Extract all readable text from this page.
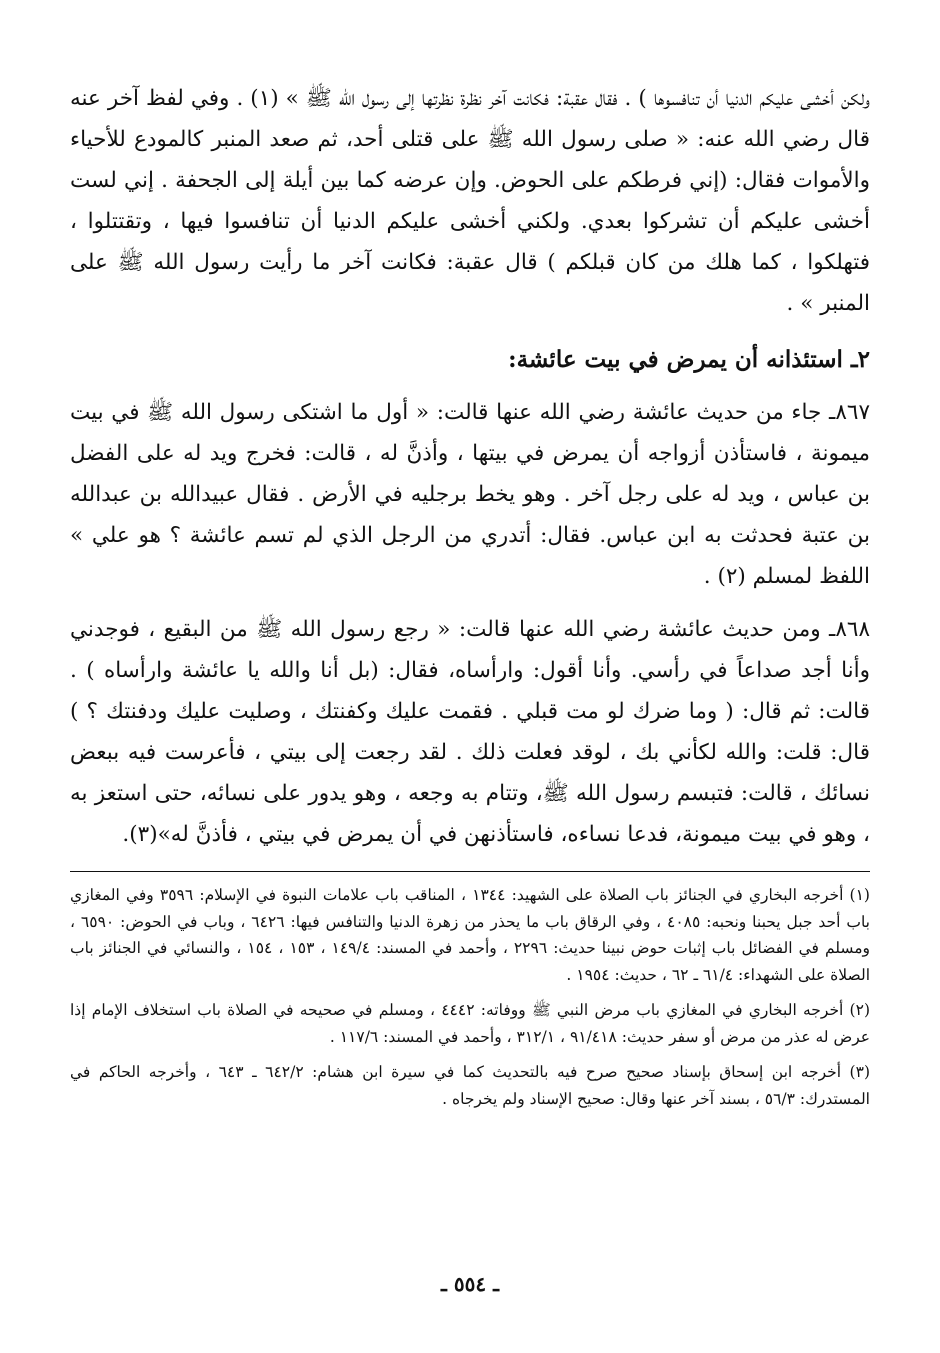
ولكن أخشى عليكم الدنيا أن تنافسوها ) . فقال عقبة: فكانت آخر نظرة نظرتها إلى رسول الله ﷺ » (١) . وفي لفظ آخر عنه قال رضي الله عنه: « صلى رسول الله ﷺ على قتلى أحد، ثم صعد المنبر كالمودع للأحياء والأموات فقال: (إني فرطكم على الحوض. وإن عرضه كما بين أيلة إلى الجحفة . إني لست أخشى عليكم أن تشركوا بعدي. ولكني أخشى عليكم الدنيا أن تنافسوا فيها ، وتقتتلوا ، فتهلكوا ، كما هلك من كان قبلكم ) قال عقبة: فكانت آخر ما رأيت رسول الله ﷺ على المنبر » .

٢ـ استئذانه أن يمرض في بيت عائشة:

٨٦٧ـ جاء من حديث عائشة رضي الله عنها قالت: « أول ما اشتكى رسول الله ﷺ في بيت ميمونة ، فاستأذن أزواجه أن يمرض في بيتها ، وأذنَّ له ، قالت: فخرج ويد له على الفضل بن عباس ، ويد له على رجل آخر . وهو يخط برجليه في الأرض . فقال عبيدالله بن عبدالله بن عتبة فحدثت به ابن عباس. فقال: أتدري من الرجل الذي لم تسم عائشة ؟ هو علي » اللفظ لمسلم (٢) .

٨٦٨ـ ومن حديث عائشة رضي الله عنها قالت: « رجع رسول الله ﷺ من البقيع ، فوجدني وأنا أجد صداعاً في رأسي. وأنا أقول: وارأساه، فقال: (بل أنا والله يا عائشة وارأساه ) . قالت: ثم قال: ( وما ضرك لو مت قبلي . فقمت عليك وكفنتك ، وصليت عليك ودفنتك ؟ ) قال: قلت: والله لكأني بك ، لوقد فعلت ذلك . لقد رجعت إلى بيتي ، فأعرست فيه ببعض نسائك ، قالت: فتبسم رسول الله ﷺ، وتتام به وجعه ، وهو يدور على نسائه، حتى استعز به ، وهو في بيت ميمونة، فدعا نساءه، فاستأذنهن في أن يمرض في بيتي ، فأذنَّ له»(٣).

(١) أخرجه البخاري في الجنائز باب الصلاة على الشهيد: ١٣٤٤ ، المناقب باب علامات النبوة في الإسلام: ٣٥٩٦ وفي المغازي باب أحد جبل يحبنا ونحبه: ٤٠٨٥ ، وفي الرقاق باب ما يحذر من زهرة الدنيا والتنافس فيها: ٦٤٢٦ ، وباب في الحوض: ٦٥٩٠ ، ومسلم في الفضائل باب إثبات حوض نبينا حديث: ٢٢٩٦ ، وأحمد في المسند: ١٤٩/٤ ، ١٥٣ ، ١٥٤ ، والنسائي في الجنائز باب الصلاة على الشهداء: ٦١/٤ ـ ٦٢ ، حديث: ١٩٥٤ .

(٢) أخرجه البخاري في المغازي باب مرض النبي ﷺ ووفاته: ٤٤٤٢ ، ومسلم في صحيحه في الصلاة باب استخلاف الإمام إذا عرض له عذر من مرض أو سفر حديث: ٩١/٤١٨ ، ٣١٢/١ ، وأحمد في المسند: ١١٧/٦ .

(٣) أخرجه ابن إسحاق بإسناد صحيح صرح فيه بالتحديث كما في سيرة ابن هشام: ٦٤٢/٢ ـ ٦٤٣ ، وأخرجه الحاكم في المستدرك: ٥٦/٣ ، بسند آخر عنها وقال: صحيح الإسناد ولم يخرجاه .

ـ ٥٥٤ ـ
